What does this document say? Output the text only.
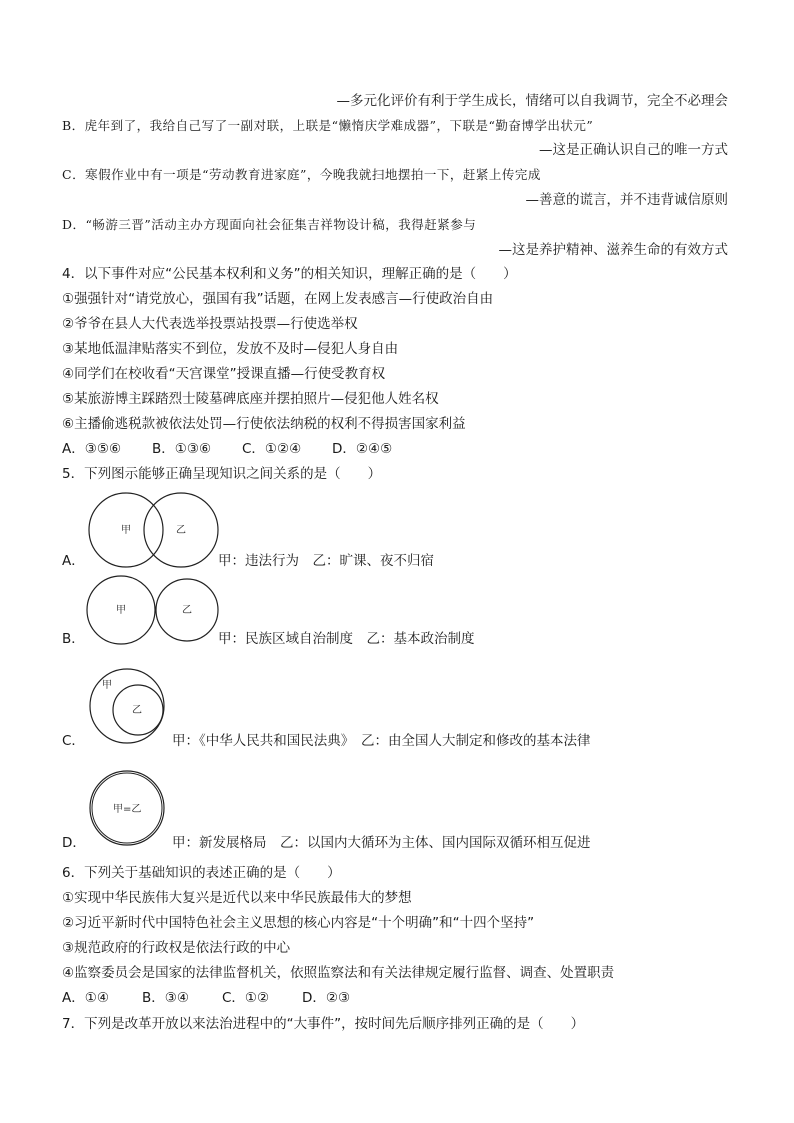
—多元化评价有利于学生成长，情绪可以自我调节，完全不必理会
B．虎年到了，我给自己写了一副对联，上联是“懒惰庆学难成器”，下联是“勤奋博学出状元”
—这是正确认识自己的唯一方式
C．寒假作业中有一项是“劳动教育进家庭”，今晚我就扫地摆拍一下，赶紧上传完成
—善意的谎言，并不违背诚信原则
D．“畅游三晋”活动主办方现面向社会征集吉祥物设计稿，我得赶紧参与
—这是养护精神、滋养生命的有效方式
4．以下事件对应“公民基本权利和义务”的相关知识，理解正确的是（　　）
①强强针对“请党放心，强国有我”话题，在网上发表感言—行使政治自由
②爷爷在县人大代表选举投票站投票—行使选举权
③某地低温津贴落实不到位，发放不及时—侵犯人身自由
④同学们在校收看“天宫课堂”授课直播—行使受教育权
⑤某旅游博主踩踏烈士陵墓碑底座并摆拍照片—侵犯他人姓名权
⑥主播偷逃税款被依法处罚—行使依法纳税的权利不得损害国家利益
A．③⑤⑥ B．①③⑥ C．①②④ D．②④⑤
5．下列图示能够正确呈现知识之间关系的是（　　）
A．
甲	乙
甲：违法行为　乙：旷课、夜不归宿
B．
甲	乙
甲：民族区域自治制度　乙：基本政治制度
C．
甲
乙
甲：《中华人民共和国民法典》　乙：由全国人大制定和修改的基本法律
D．
甲=乙
甲：新发展格局　乙：以国内大循环为主体、国内国际双循环相互促进
6．下列关于基础知识的表述正确的是（　　）
①实现中华民族伟大复兴是近代以来中华民族最伟大的梦想
②习近平新时代中国特色社会主义思想的核心内容是“十个明确”和“十四个坚持”
③规范政府的行政权是依法行政的中心
④监察委员会是国家的法律监督机关，依照监察法和有关法律规定履行监督、调查、处置职责
A．①④ B．③④ C．①② D．②③
7．下列是改革开放以来法治进程中的“大事件”，按时间先后顺序排列正确的是（　　）
